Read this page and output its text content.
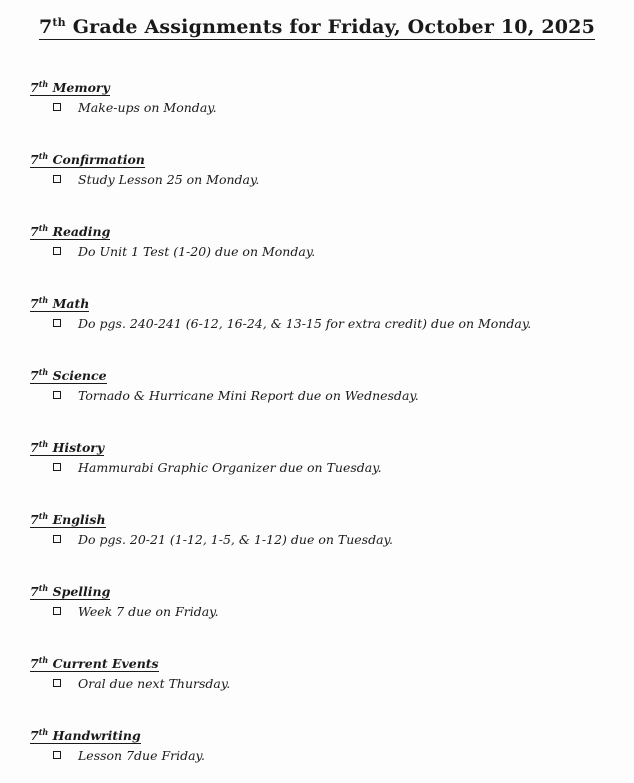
7th Grade Assignments for Friday, October 10, 2025
7th Memory
Make-ups on Monday.
7th Confirmation
Study Lesson 25 on Monday.
7th Reading
Do Unit 1 Test (1-20) due on Monday.
7th Math
Do pgs. 240-241 (6-12, 16-24, & 13-15 for extra credit) due on Monday.
7th Science
Tornado & Hurricane Mini Report due on Wednesday.
7th History
Hammurabi Graphic Organizer due on Tuesday.
7th English
Do pgs. 20-21 (1-12, 1-5, & 1-12) due on Tuesday.
7th Spelling
Week 7 due on Friday.
7th Current Events
Oral due next Thursday.
7th Handwriting
Lesson 7due Friday.
